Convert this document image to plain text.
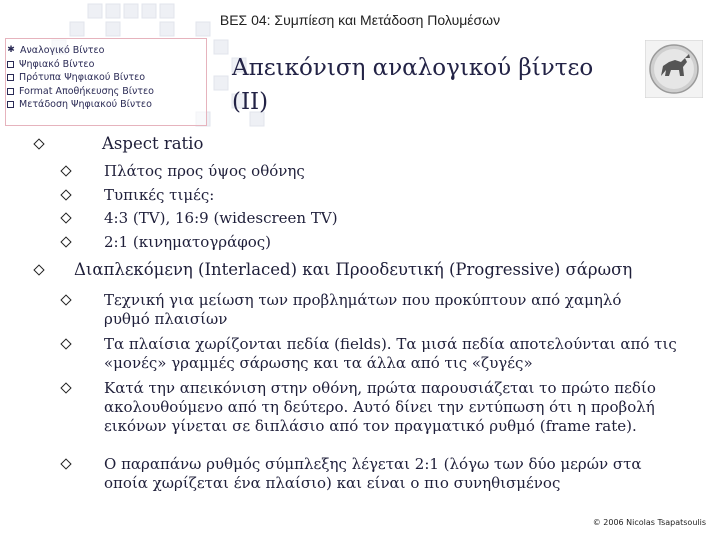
ΒΕΣ 04: Συμπίεση και Μετάδοση Πολυμέσων
✱ Αναλογικό Βίντεο
Ψηφιακό Βίντεο
Πρότυπα Ψηφιακού Βίντεο
Format Αποθήκευσης Βίντεο
Μετάδοση Ψηφιακού Βίντεο
Απεικόνιση αναλογικού βίντεο
(ΙΙ)
Aspect ratio
Πλάτος προς ύψος οθόνης
Τυπικές τιμές:
4:3 (TV), 16:9 (widescreen TV)
2:1 (κινηματογράφος)
Διαπλεκόμενη (Interlaced) και Προοδευτική (Progressive) σάρωση
Τεχνική για μείωση των προβλημάτων που προκύπτουν από χαμηλό
ρυθμό πλαισίων
Τα πλαίσια χωρίζονται πεδία (fields). Τα μισά πεδία αποτελούνται από τις
«μονές» γραμμές σάρωσης και τα άλλα από τις «ζυγές»
Κατά την απεικόνιση στην οθόνη, πρώτα παρουσιάζεται το πρώτο πεδίο
ακολουθούμενο από τη δεύτερο. Αυτό δίνει την εντύπωση ότι η προβολή
εικόνων γίνεται σε διπλάσιο από τον πραγματικό ρυθμό (frame rate).
Ο παραπάνω ρυθμός σύμπλεξης λέγεται 2:1 (λόγω των δύο μερών στα
οποία χωρίζεται ένα πλαίσιο) και είναι ο πιο συνηθισμένος
© 2006 Nicolas Tsapatsoulis
